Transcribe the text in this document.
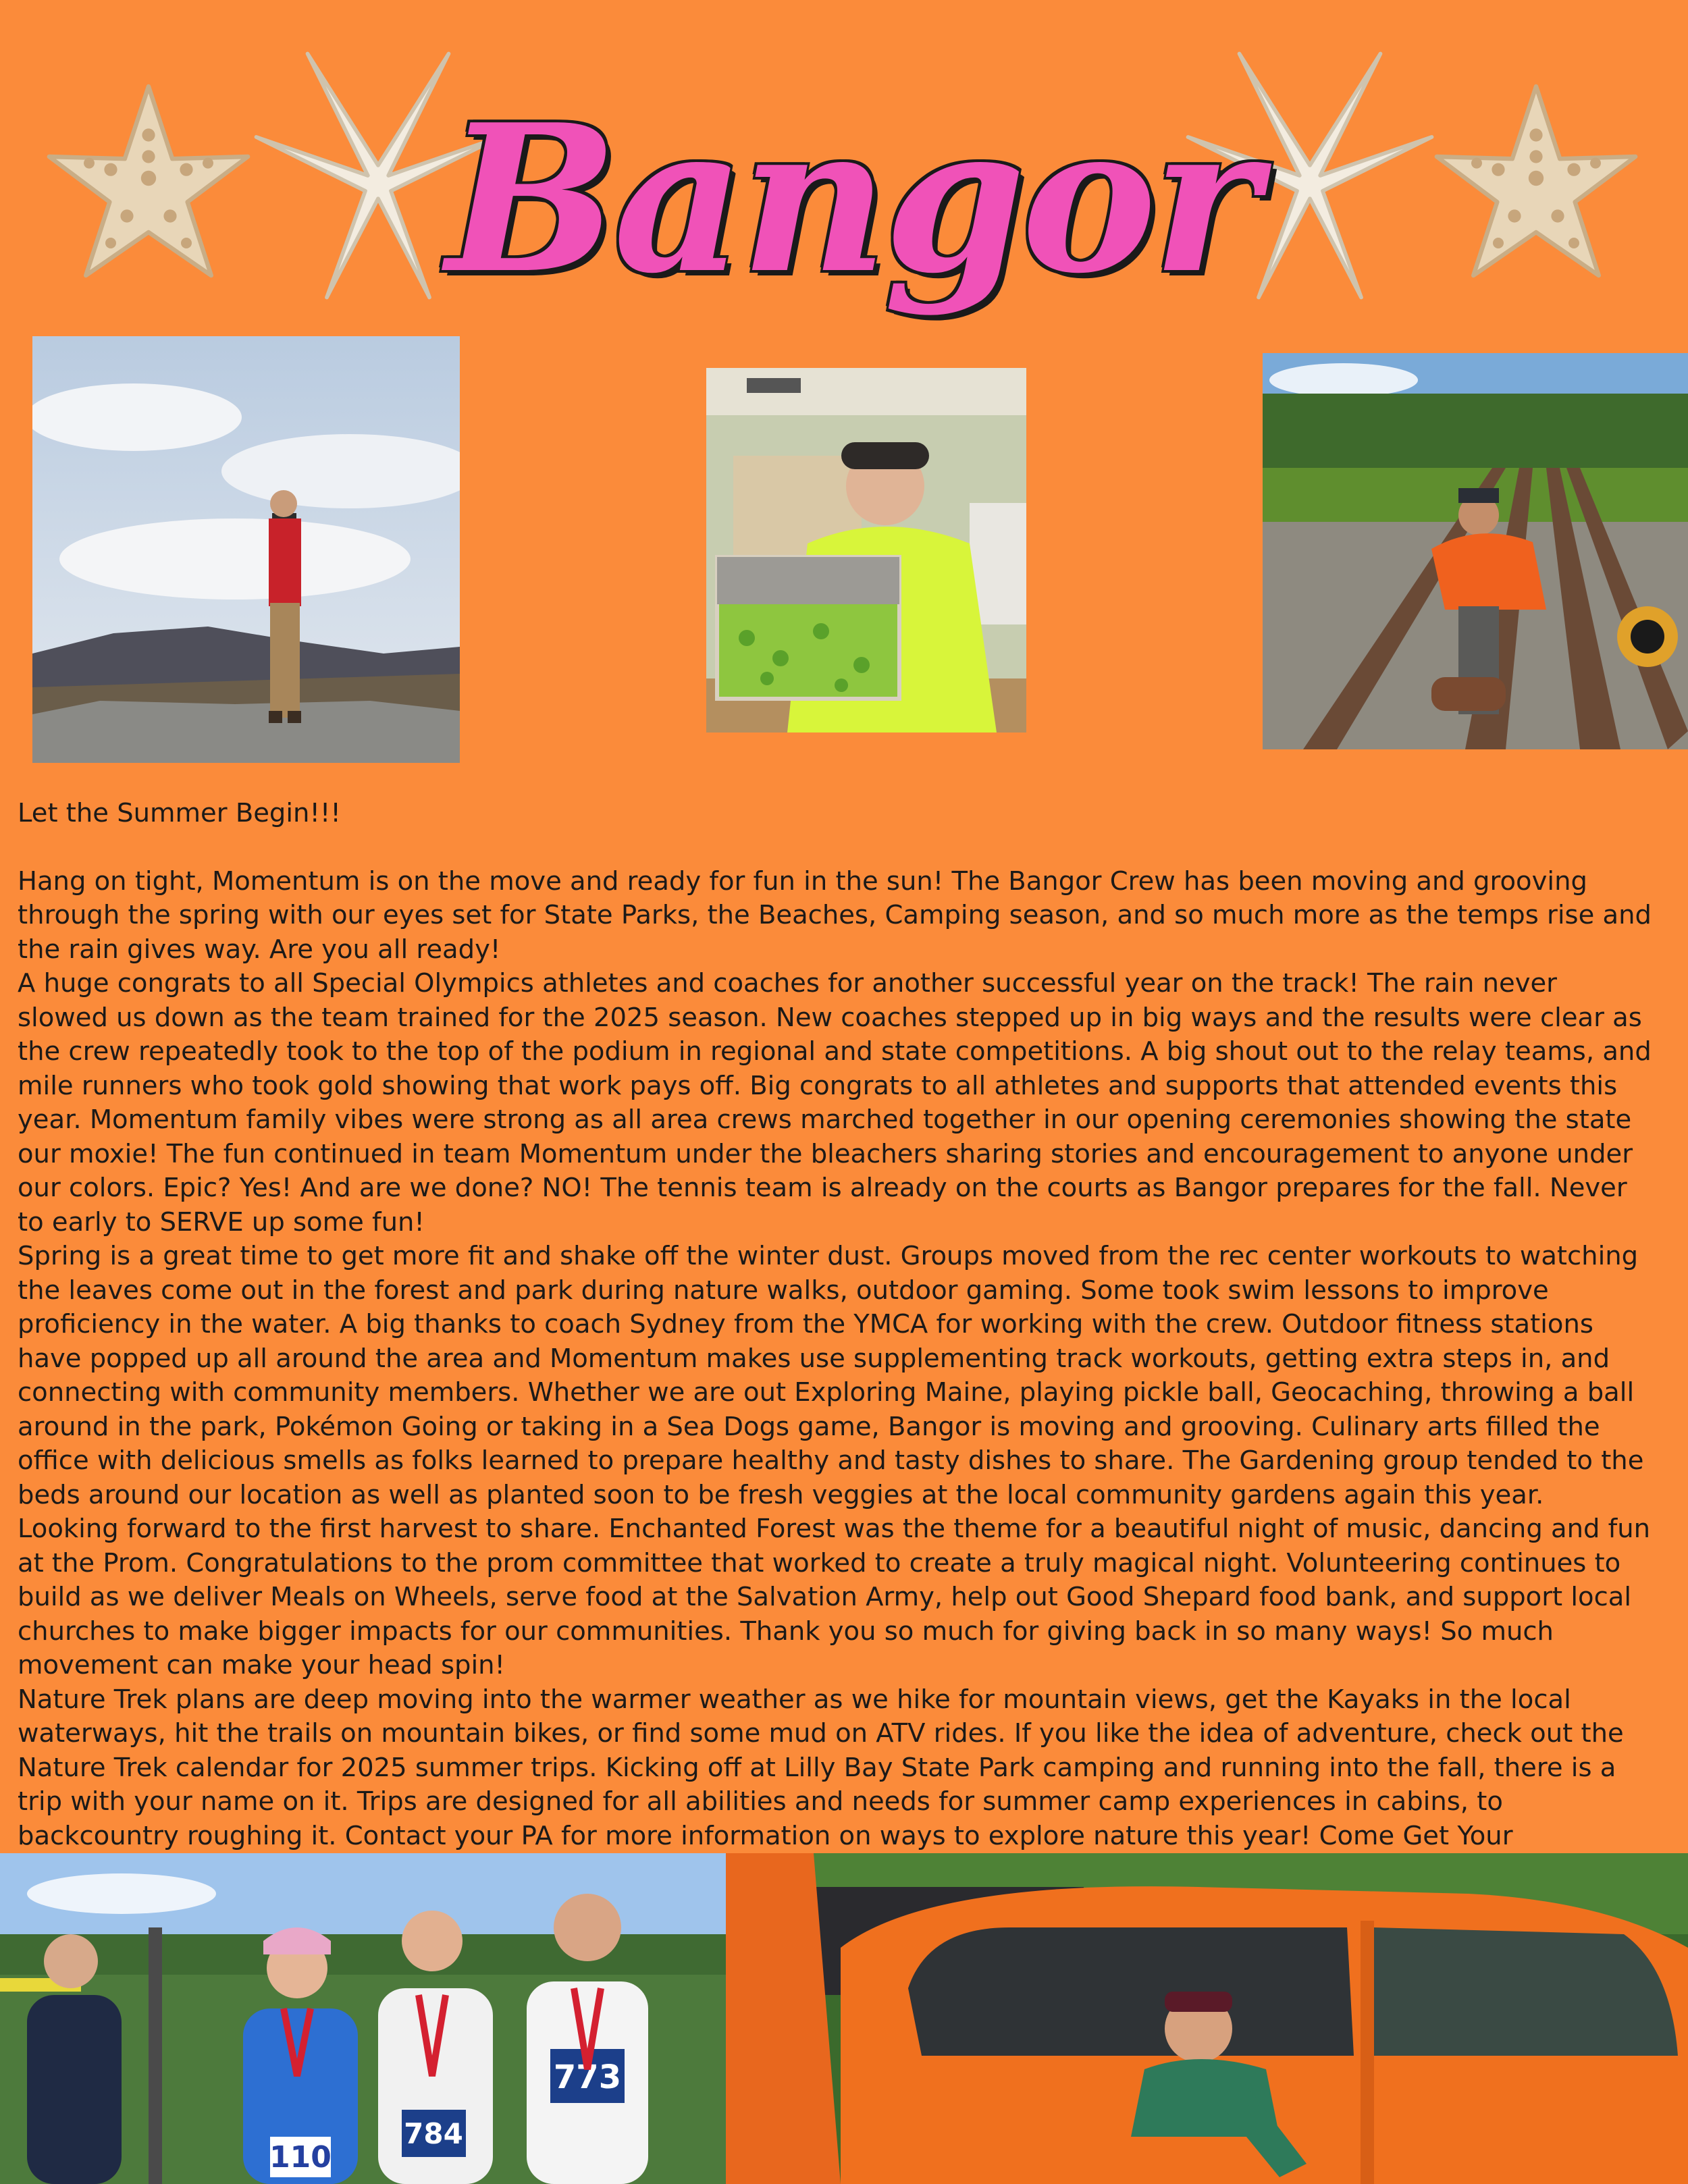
Bangor

Let the Summer Begin!!!

Hang on tight, Momentum is on the move and ready for fun in the sun! The Bangor Crew has been moving and grooving through the spring with our eyes set for State Parks, the Beaches, Camping season, and so much more as the temps rise and the rain gives way. Are you all ready!

A huge congrats to all Special Olympics athletes and coaches for another successful year on the track! The rain never slowed us down as the team trained for the 2025 season. New coaches stepped up in big ways and the results were clear as the crew repeatedly took to the top of the podium in regional and state competitions. A big shout out to the relay teams, and mile runners who took gold showing that work pays off. Big congrats to all athletes and supports that attended events this year. Momentum family vibes were strong as all area crews marched together in our opening ceremonies showing the state our moxie! The fun continued in team Momentum under the bleachers sharing stories and encouragement to anyone under our colors. Epic? Yes! And are we done? NO! The tennis team is already on the courts as Bangor prepares for the fall. Never to early to SERVE up some fun!

Spring is a great time to get more fit and shake off the winter dust. Groups moved from the rec center workouts to watching the leaves come out in the forest and park during nature walks, outdoor gaming. Some took swim lessons to improve proficiency in the water. A big thanks to coach Sydney from the YMCA for working with the crew. Outdoor fitness stations have popped up all around the area and Momentum makes use supplementing track workouts, getting extra steps in, and connecting with community members. Whether we are out Exploring Maine, playing pickle ball, Geocaching, throwing a ball around in the park, Pokémon Going or taking in a Sea Dogs game, Bangor is moving and grooving. Culinary arts filled the office with delicious smells as folks learned to prepare healthy and tasty dishes to share. The Gardening group tended to the beds around our location as well as planted soon to be fresh veggies at the local community gardens again this year. Looking forward to the first harvest to share. Enchanted Forest was the theme for a beautiful night of music, dancing and fun at the Prom. Congratulations to the prom committee that worked to create a truly magical night. Volunteering continues to build as we deliver Meals on Wheels, serve food at the Salvation Army, help out Good Shepard food bank, and support local churches to make bigger impacts for our communities. Thank you so much for giving back in so many ways! So much movement can make your head spin!

Nature Trek plans are deep moving into the warmer weather as we hike for mountain views, get the Kayaks in the local waterways, hit the trails on mountain bikes, or find some mud on ATV rides. If you like the idea of adventure, check out the Nature Trek calendar for 2025 summer trips. Kicking off at Lilly Bay State Park camping and running into the fall, there is a trip with your name on it. Trips are designed for all abilities and needs for summer camp experiences in cabins, to backcountry roughing it. Contact your PA for more information on ways to explore nature this year! Come Get Your

110
784
773
